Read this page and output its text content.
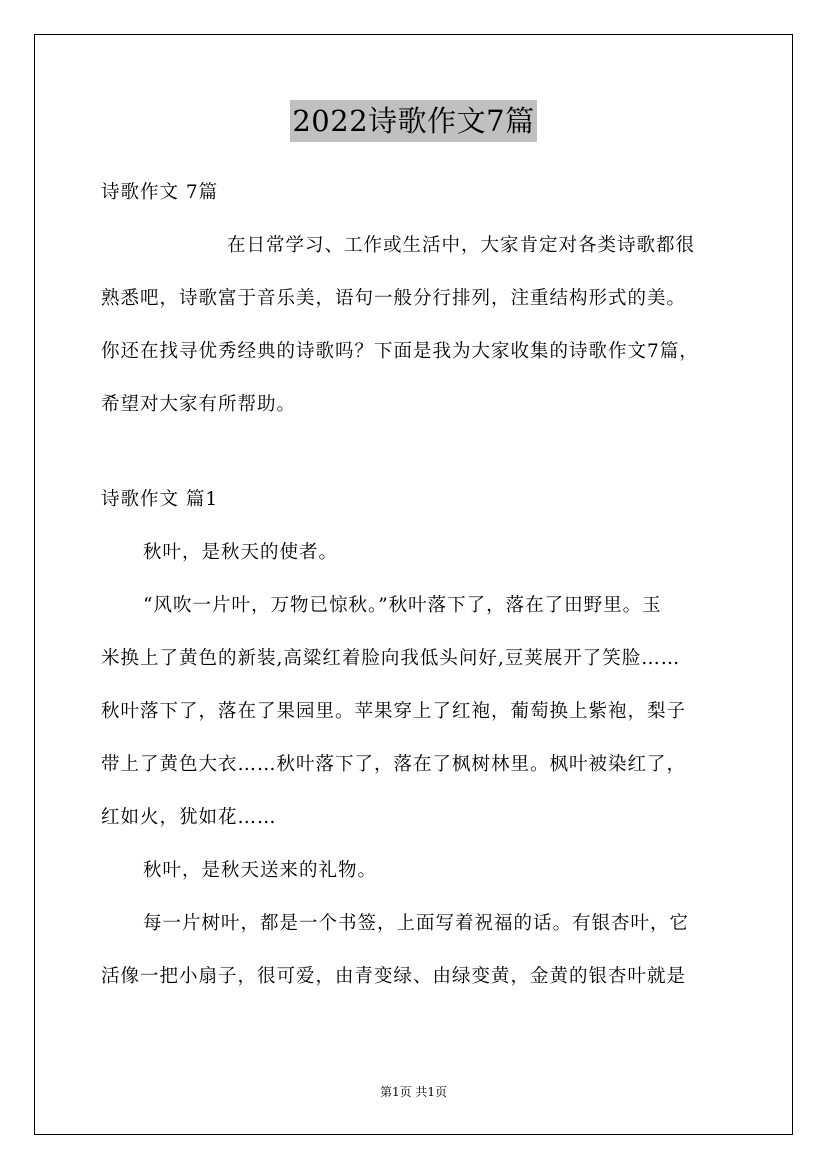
2022诗歌作文7篇
诗歌作文 7篇
在日常学习、工作或生活中，大家肯定对各类诗歌都很
熟悉吧，诗歌富于音乐美，语句一般分行排列，注重结构形式的美。
你还在找寻优秀经典的诗歌吗？下面是我为大家收集的诗歌作文7篇，
希望对大家有所帮助。
诗歌作文 篇1
秋叶，是秋天的使者。
“风吹一片叶，万物已惊秋。”秋叶落下了，落在了田野里。玉
米换上了黄色的新装,高粱红着脸向我低头问好,豆荚展开了笑脸……
秋叶落下了，落在了果园里。苹果穿上了红袍，葡萄换上紫袍，梨子
带上了黄色大衣……秋叶落下了，落在了枫树林里。枫叶被染红了，
红如火，犹如花……
秋叶，是秋天送来的礼物。
每一片树叶，都是一个书签，上面写着祝福的话。有银杏叶，它
活像一把小扇子，很可爱，由青变绿、由绿变黄，金黄的银杏叶就是
第1页 共1页
